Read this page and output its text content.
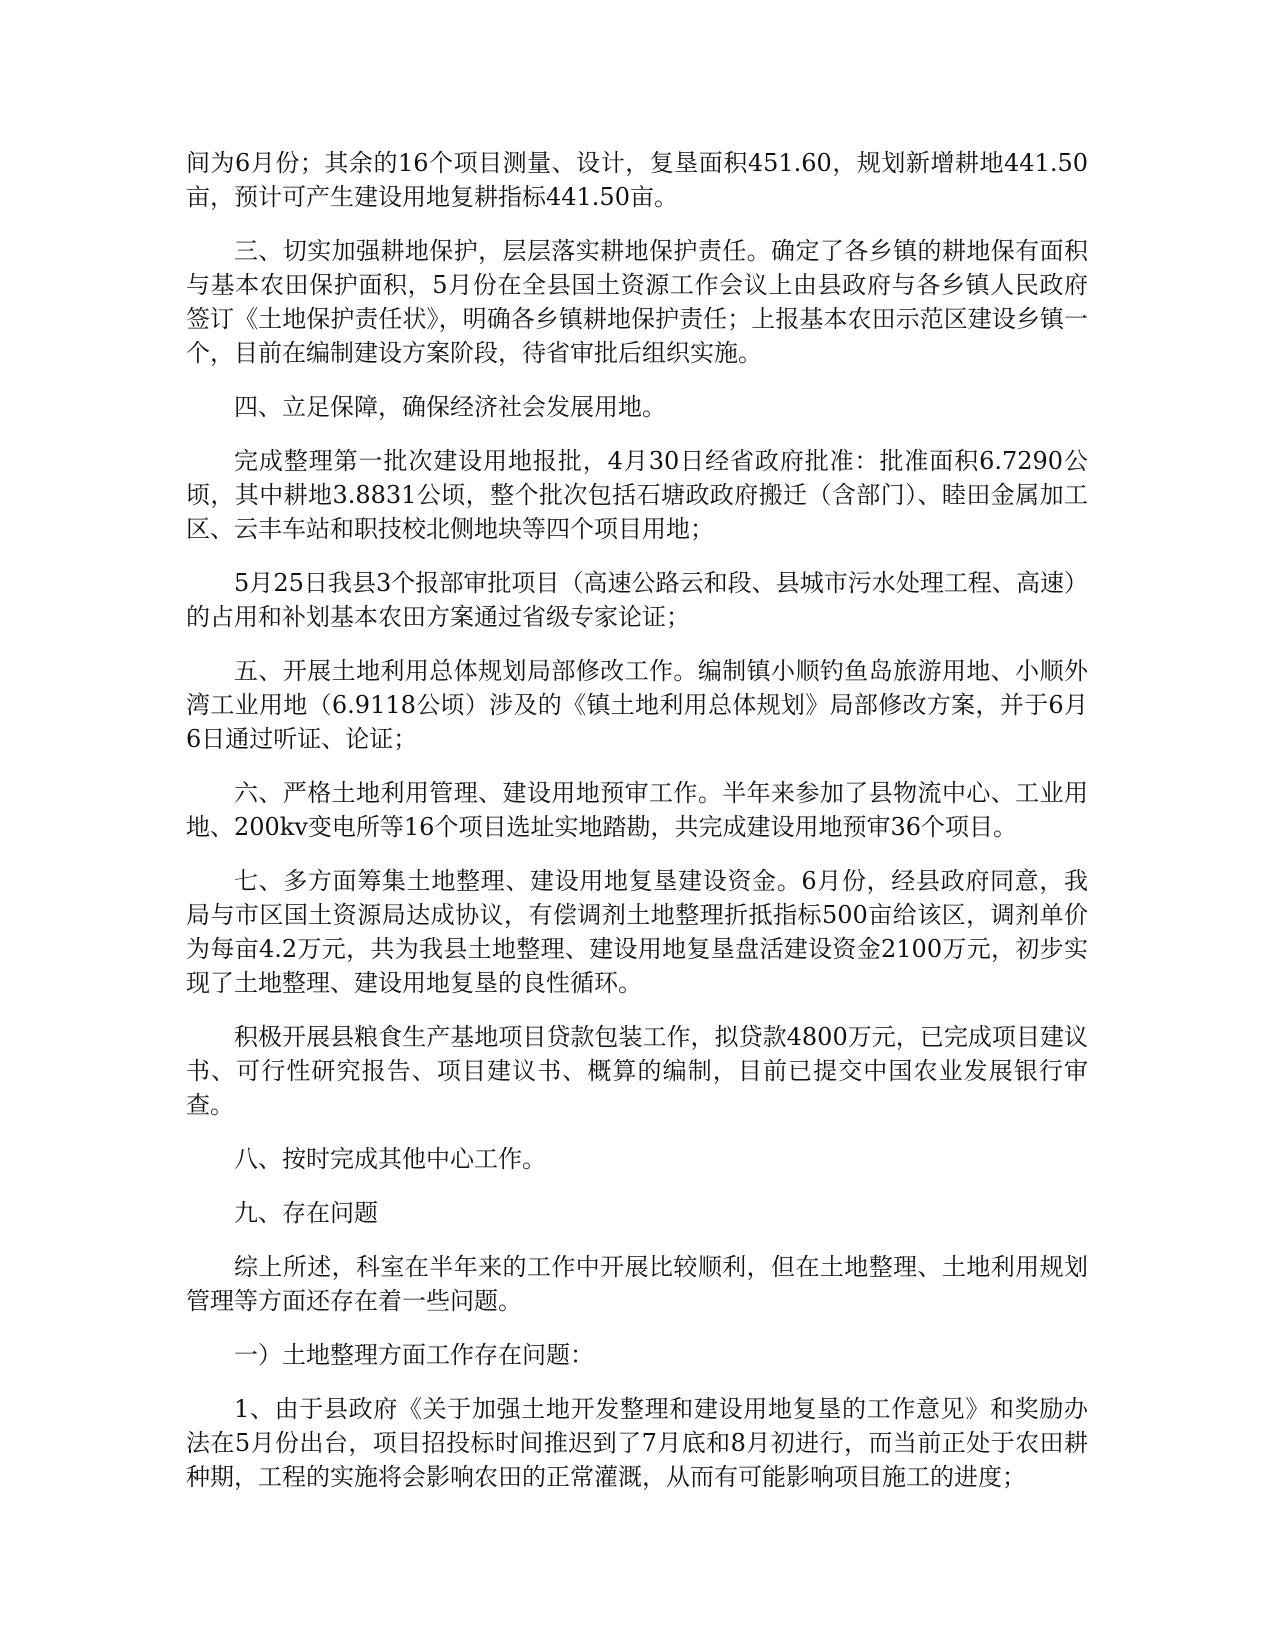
间为6月份；其余的16个项目测量、设计，复垦面积451.60，规划新增耕地441.50亩，预计可产生建设用地复耕指标441.50亩。

三、切实加强耕地保护，层层落实耕地保护责任。确定了各乡镇的耕地保有面积与基本农田保护面积，5月份在全县国土资源工作会议上由县政府与各乡镇人民政府签订《土地保护责任状》，明确各乡镇耕地保护责任；上报基本农田示范区建设乡镇一个，目前在编制建设方案阶段，待省审批后组织实施。

四、立足保障，确保经济社会发展用地。

完成整理第一批次建设用地报批，4月30日经省政府批准：批准面积6.7290公顷，其中耕地3.8831公顷，整个批次包括石塘政政府搬迁（含部门）、睦田金属加工区、云丰车站和职技校北侧地块等四个项目用地；

5月25日我县3个报部审批项目（高速公路云和段、县城市污水处理工程、高速）的占用和补划基本农田方案通过省级专家论证；

五、开展土地利用总体规划局部修改工作。编制镇小顺钓鱼岛旅游用地、小顺外湾工业用地（6.9118公顷）涉及的《镇土地利用总体规划》局部修改方案，并于6月6日通过听证、论证；

六、严格土地利用管理、建设用地预审工作。半年来参加了县物流中心、工业用地、200kv变电所等16个项目选址实地踏勘，共完成建设用地预审36个项目。

七、多方面筹集土地整理、建设用地复垦建设资金。6月份，经县政府同意，我局与市区国土资源局达成协议，有偿调剂土地整理折抵指标500亩给该区，调剂单价为每亩4.2万元，共为我县土地整理、建设用地复垦盘活建设资金2100万元，初步实现了土地整理、建设用地复垦的良性循环。

积极开展县粮食生产基地项目贷款包装工作，拟贷款4800万元，已完成项目建议书、可行性研究报告、项目建议书、概算的编制，目前已提交中国农业发展银行审查。

八、按时完成其他中心工作。

九、存在问题

综上所述，科室在半年来的工作中开展比较顺利，但在土地整理、土地利用规划管理等方面还存在着一些问题。

一）土地整理方面工作存在问题：

1、由于县政府《关于加强土地开发整理和建设用地复垦的工作意见》和奖励办法在5月份出台，项目招投标时间推迟到了7月底和8月初进行，而当前正处于农田耕种期，工程的实施将会影响农田的正常灌溉，从而有可能影响项目施工的进度；
